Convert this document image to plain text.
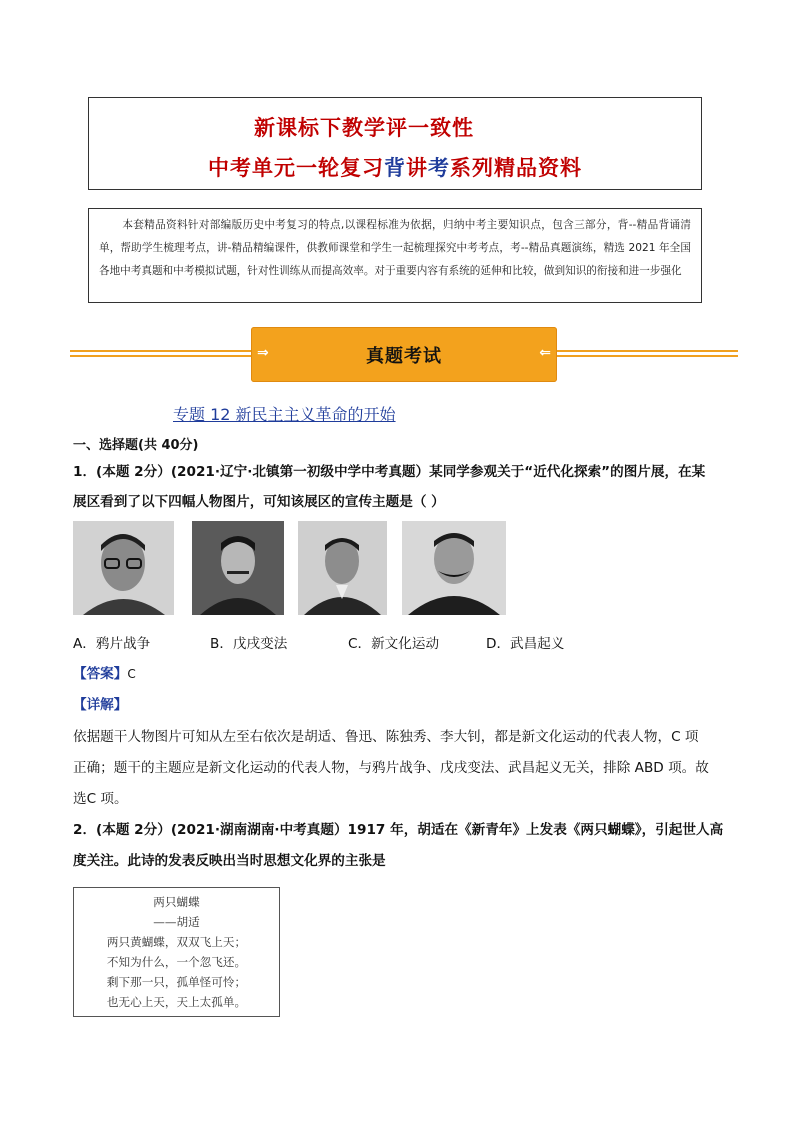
新课标下教学评一致性
中考单元一轮复习背讲考系列精品资料

本套精品资料针对部编版历史中考复习的特点,以课程标准为依据，归纳中考主要知识点，包含三部分，背--精品背诵清单，帮助学生梳理考点，讲-精品精编课件，供教师课堂和学生一起梳理探究中考考点，考--精品真题演练，精选 2021 年全国各地中考真题和中考模拟试题，针对性训练从而提高效率。对于重要内容有系统的延伸和比较，做到知识的衔接和进一步强化

⇒	真题考试	⇐
专题 12 新民主主义革命的开始
一、选择题(共 40分)
1．(本题 2分）(2021·辽宁·北镇第一初级中学中考真题）某同学参观关于“近代化探索”的图片展，在某
展区看到了以下四幅人物图片，可知该展区的宣传主题是（ ）
A．鸦片战争	B．戊戌变法	C．新文化运动	D．武昌起义
【答案】C
【详解】
依据题干人物图片可知从左至右依次是胡适、鲁迅、陈独秀、李大钊，都是新文化运动的代表人物，C 项
正确；题干的主题应是新文化运动的代表人物，与鸦片战争、戊戌变法、武昌起义无关，排除 ABD 项。故
选C 项。
2．(本题 2分）(2021·湖南湖南·中考真题）1917 年，胡适在《新青年》上发表《两只蝴蝶》，引起世人高
度关注。此诗的发表反映出当时思想文化界的主张是
两只蝴蝶
——胡适
两只黄蝴蝶，双双飞上天；
不知为什么，一个忽飞还。
剩下那一只，孤单怪可怜；
也无心上天，天上太孤单。
